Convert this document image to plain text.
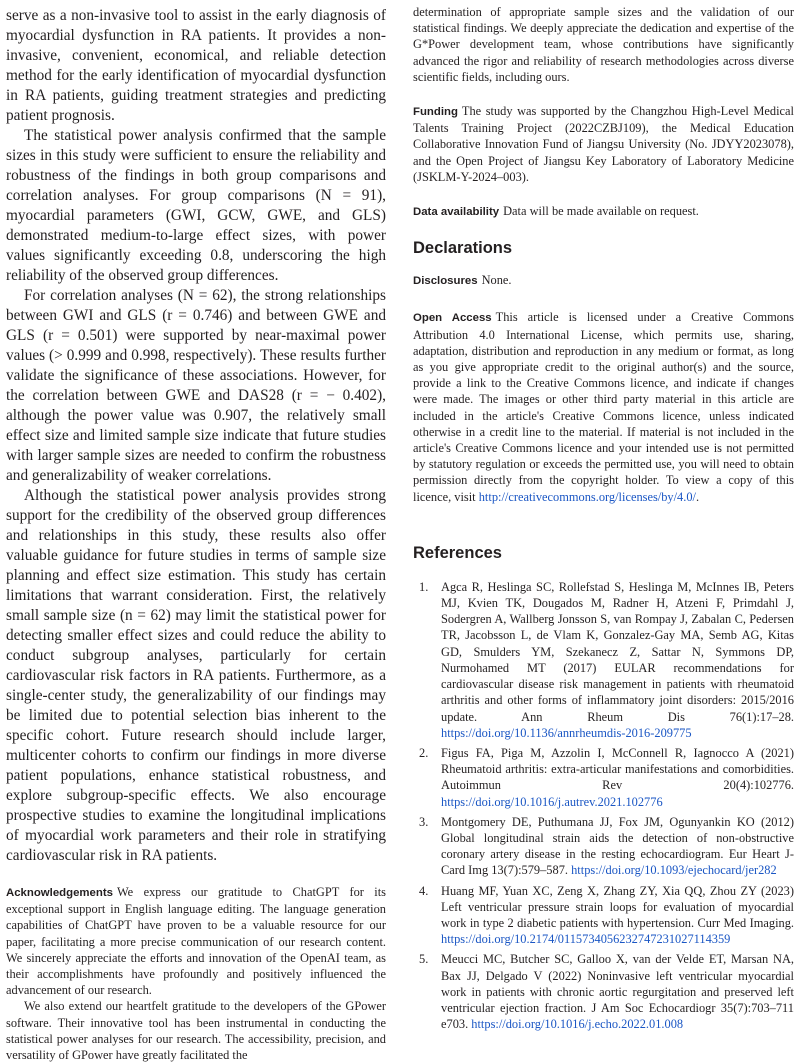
serve as a non-invasive tool to assist in the early diagnosis of myocardial dysfunction in RA patients. It provides a non-invasive, convenient, economical, and reliable detection method for the early identification of myocardial dysfunction in RA patients, guiding treatment strategies and predicting patient prognosis.

The statistical power analysis confirmed that the sample sizes in this study were sufficient to ensure the reliability and robustness of the findings in both group comparisons and correlation analyses. For group comparisons (N = 91), myocardial parameters (GWI, GCW, GWE, and GLS) demonstrated medium-to-large effect sizes, with power values significantly exceeding 0.8, underscoring the high reliability of the observed group differences.

For correlation analyses (N = 62), the strong relationships between GWI and GLS (r = 0.746) and between GWE and GLS (r = 0.501) were supported by near-maximal power values (> 0.999 and 0.998, respectively). These results further validate the significance of these associations. However, for the correlation between GWE and DAS28 (r = − 0.402), although the power value was 0.907, the relatively small effect size and limited sample size indicate that future studies with larger sample sizes are needed to confirm the robustness and generalizability of weaker correlations.

Although the statistical power analysis provides strong support for the credibility of the observed group differences and relationships in this study, these results also offer valuable guidance for future studies in terms of sample size planning and effect size estimation. This study has certain limitations that warrant consideration. First, the relatively small sample size (n = 62) may limit the statistical power for detecting smaller effect sizes and could reduce the ability to conduct subgroup analyses, particularly for certain cardiovascular risk factors in RA patients. Furthermore, as a single-center study, the generalizability of our findings may be limited due to potential selection bias inherent to the specific cohort. Future research should include larger, multicenter cohorts to confirm our findings in more diverse patient populations, enhance statistical robustness, and explore subgroup-specific effects. We also encourage prospective studies to examine the longitudinal implications of myocardial work parameters and their role in stratifying cardiovascular risk in RA patients.

Acknowledgements We express our gratitude to ChatGPT for its exceptional support in English language editing. The language generation capabilities of ChatGPT have proven to be a valuable resource for our paper, facilitating a more precise communication of our research content. We sincerely appreciate the efforts and innovation of the OpenAI team, as their accomplishments have profoundly and positively influenced the advancement of our research.

We also extend our heartfelt gratitude to the developers of the GPower software. Their innovative tool has been instrumental in conducting the statistical power analyses for our research. The accessibility, precision, and versatility of GPower have greatly facilitated the

determination of appropriate sample sizes and the validation of our statistical findings. We deeply appreciate the dedication and expertise of the G*Power development team, whose contributions have significantly advanced the rigor and reliability of research methodologies across diverse scientific fields, including ours.

Funding The study was supported by the Changzhou High-Level Medical Talents Training Project (2022CZBJ109), the Medical Education Collaborative Innovation Fund of Jiangsu University (No. JDYY2023078), and the Open Project of Jiangsu Key Laboratory of Laboratory Medicine (JSKLM-Y-2024–003).

Data availability Data will be made available on request.

Declarations

Disclosures None.

Open Access This article is licensed under a Creative Commons Attribution 4.0 International License, which permits use, sharing, adaptation, distribution and reproduction in any medium or format, as long as you give appropriate credit to the original author(s) and the source, provide a link to the Creative Commons licence, and indicate if changes were made. The images or other third party material in this article are included in the article's Creative Commons licence, unless indicated otherwise in a credit line to the material. If material is not included in the article's Creative Commons licence and your intended use is not permitted by statutory regulation or exceeds the permitted use, you will need to obtain permission directly from the copyright holder. To view a copy of this licence, visit http://creativecommons.org/licenses/by/4.0/.

References
1. Agca R, Heslinga SC, Rollefstad S, Heslinga M, McInnes IB, Peters MJ, Kvien TK, Dougados M, Radner H, Atzeni F, Primdahl J, Sodergren A, Wallberg Jonsson S, van Rompay J, Zabalan C, Pedersen TR, Jacobsson L, de Vlam K, Gonzalez-Gay MA, Semb AG, Kitas GD, Smulders YM, Szekanecz Z, Sattar N, Symmons DP, Nurmohamed MT (2017) EULAR recommendations for cardiovascular disease risk management in patients with rheumatoid arthritis and other forms of inflammatory joint disorders: 2015/2016 update. Ann Rheum Dis 76(1):17–28. https://doi.org/10.1136/annrheumdis-2016-209775
2. Figus FA, Piga M, Azzolin I, McConnell R, Iagnocco A (2021) Rheumatoid arthritis: extra-articular manifestations and comorbidities. Autoimmun Rev 20(4):102776. https://doi.org/10.1016/j.autrev.2021.102776
3. Montgomery DE, Puthumana JJ, Fox JM, Ogunyankin KO (2012) Global longitudinal strain aids the detection of non-obstructive coronary artery disease in the resting echocardiogram. Eur Heart J-Card Img 13(7):579–587. https://doi.org/10.1093/ejechocard/jer282
4. Huang MF, Yuan XC, Zeng X, Zhang ZY, Xia QQ, Zhou ZY (2023) Left ventricular pressure strain loops for evaluation of myocardial work in type 2 diabetic patients with hypertension. Curr Med Imaging. https://doi.org/10.2174/0115734056232747231027114359
5. Meucci MC, Butcher SC, Galloo X, van der Velde ET, Marsan NA, Bax JJ, Delgado V (2022) Noninvasive left ventricular myocardial work in patients with chronic aortic regurgitation and preserved left ventricular ejection fraction. J Am Soc Echocardiogr 35(7):703–711 e703. https://doi.org/10.1016/j.echo.2022.01.008
